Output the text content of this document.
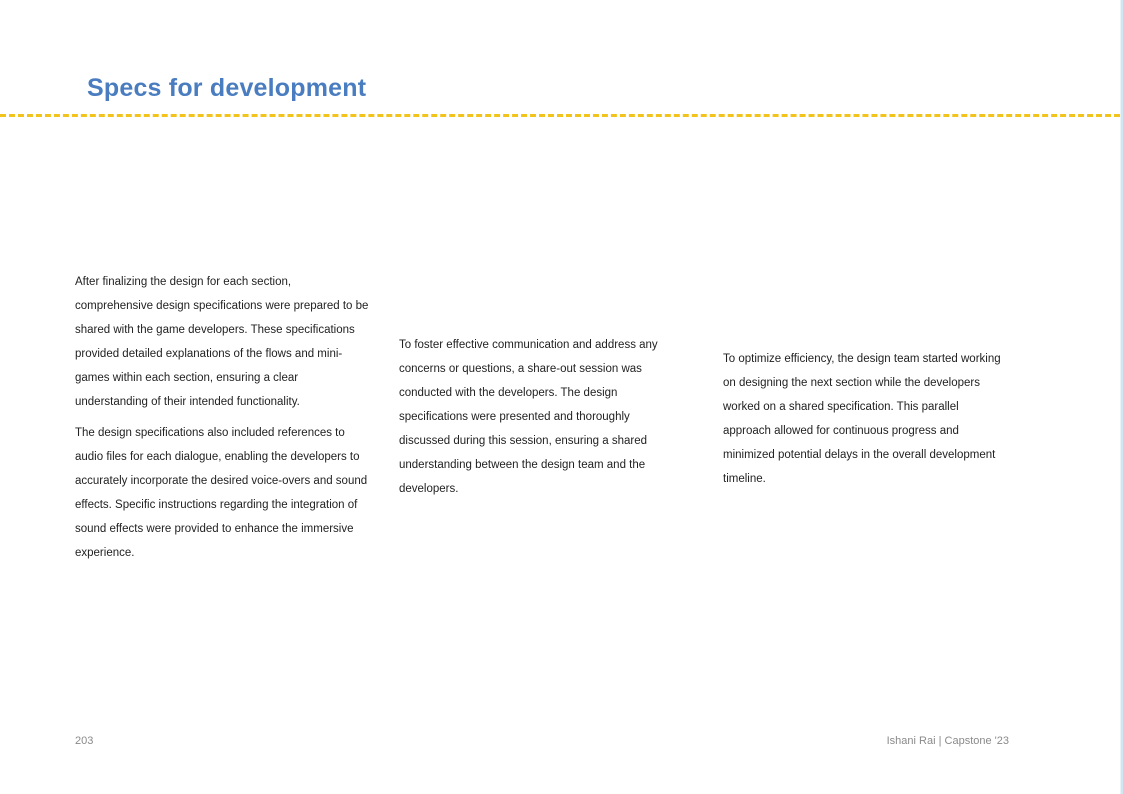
Specs for development

After finalizing the design for each section, comprehensive design specifications were prepared to be shared with the game developers. These specifications provided detailed explanations of the flows and mini-games within each section, ensuring a clear understanding of their intended functionality.

The design specifications also included references to audio files for each dialogue, enabling the developers to accurately incorporate the desired voice-overs and sound effects. Specific instructions regarding the integration of sound effects were provided to enhance the immersive experience.

To foster effective communication and address any concerns or questions, a share-out session was conducted with the developers. The design specifications were presented and thoroughly discussed during this session, ensuring a shared understanding between the design team and the developers.

To optimize efficiency, the design team started working on designing the next section while the developers worked on a shared specification. This parallel approach allowed for continuous progress and minimized potential delays in the overall development timeline.

203	Ishani Rai | Capstone '23
